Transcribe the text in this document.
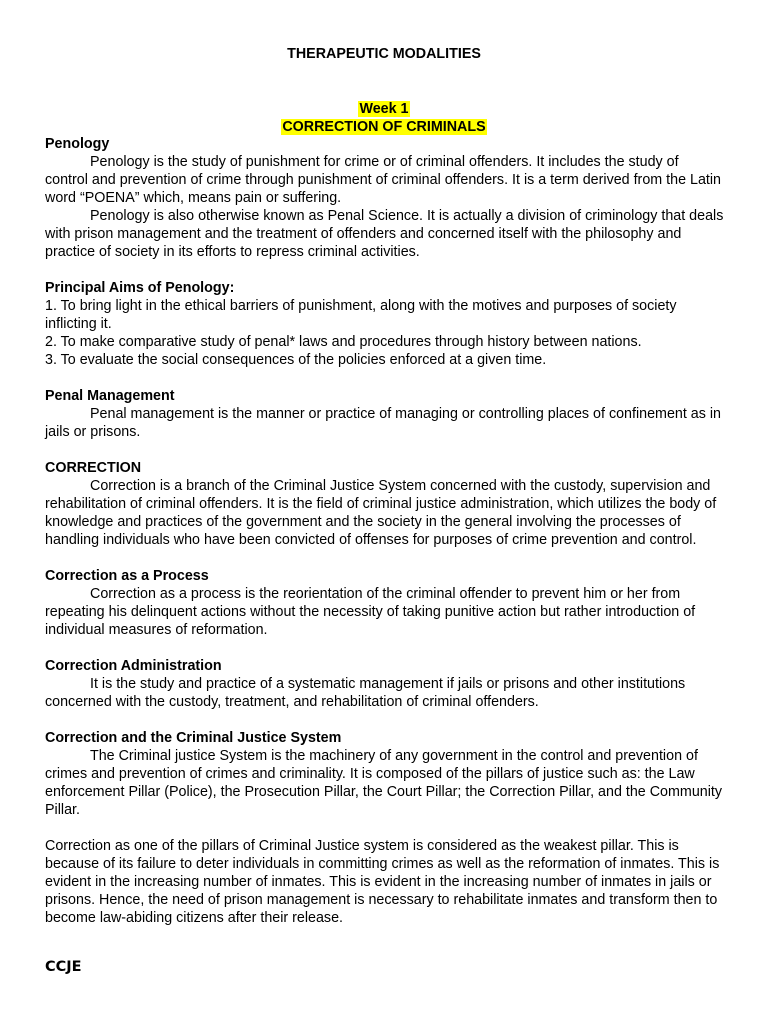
THERAPEUTIC MODALITIES
Week 1
CORRECTION OF CRIMINALS

Penology

Penology is the study of punishment for crime or of criminal offenders. It includes the study of control and prevention of crime through punishment of criminal offenders. It is a term derived from the Latin word “POENA” which, means pain or suffering.

Penology is also otherwise known as Penal Science. It is actually a division of criminology that deals with prison management and the treatment of offenders and concerned itself with the philosophy and practice of society in its efforts to repress criminal activities.

Principal Aims of Penology:

1. To bring light in the ethical barriers of punishment, along with the motives and purposes of society inflicting it.

2. To make comparative study of penal* laws and procedures through history between nations.

3. To evaluate the social consequences of the policies enforced at a given time.

Penal Management

Penal management is the manner or practice of managing or controlling places of confinement as in jails or prisons.

CORRECTION

Correction is a branch of the Criminal Justice System concerned with the custody, supervision and rehabilitation of criminal offenders. It is the field of criminal justice administration, which utilizes the body of knowledge and practices of the government and the society in the general involving the processes of handling individuals who have been convicted of offenses for purposes of crime prevention and control.

Correction as a Process

Correction as a process is the reorientation of the criminal offender to prevent him or her from repeating his delinquent actions without the necessity of taking punitive action but rather introduction of individual measures of reformation.

Correction Administration

It is the study and practice of a systematic management if jails or prisons and other institutions concerned with the custody, treatment, and rehabilitation of criminal offenders.

Correction and the Criminal Justice System

The Criminal justice System is the machinery of any government in the control and prevention of crimes and prevention of crimes and criminality. It is composed of the pillars of justice such as: the Law enforcement Pillar (Police), the Prosecution Pillar, the Court Pillar; the Correction Pillar, and the Community Pillar.

Correction as one of the pillars of Criminal Justice system is considered as the weakest pillar. This is because of its failure to deter individuals in committing crimes as well as the reformation of inmates. This is evident in the increasing number of inmates. This is evident in the increasing number of inmates in jails or prisons. Hence, the need of prison management is necessary to rehabilitate inmates and transform then to become law-abiding citizens after their release.

CCJE
